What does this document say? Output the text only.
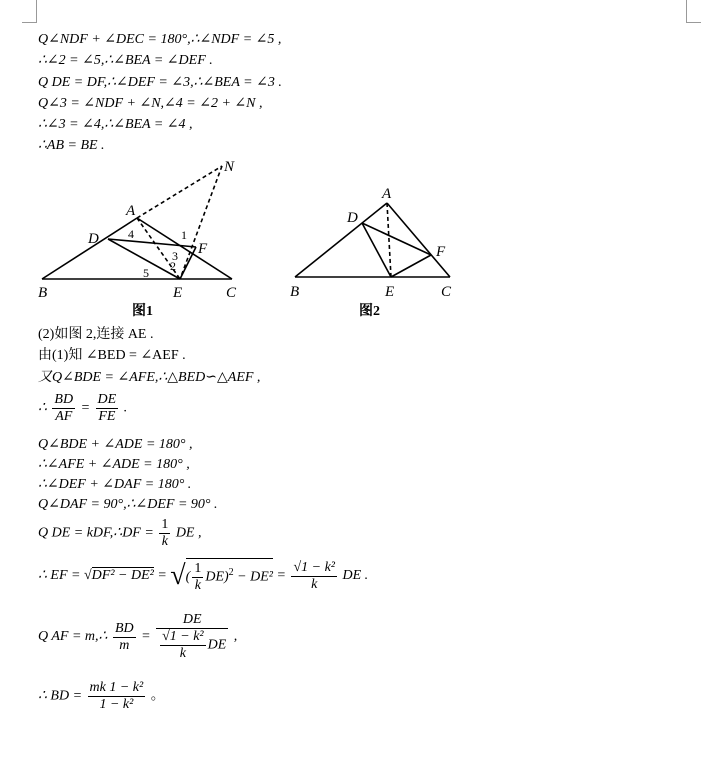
Q∠NDF + ∠DEC = 180°,∴∠NDF = ∠5 ,
∴∠2 = ∠5,∴∠BEA = ∠DEF .
Q DE = DF,∴∠DEF = ∠3,∴∠BEA = ∠3 .
Q∠3 = ∠NDF + ∠N,∠4 = ∠2 + ∠N ,
∴∠3 = ∠4,∴∠BEA = ∠4 ,
∴AB = BE .
A
D
B	E	C
F
N
1
2
3
4
5
图1
A
D
B	E	C
F
图2
(2)如图 2,连接 AE .
由(1)知 ∠BED = ∠AEF .
又Q∠BDE = ∠AFE,∴△BED∽△AEF ,
∴ $\frac{BD}{AF} = \frac{DE}{FE}$ .
Q∠BDE + ∠ADE = 180° ,
∴∠AFE + ∠ADE = 180° ,
∴∠DEF + ∠DAF = 180° .
Q∠DAF = 90°,∴∠DEF = 90° .
Q DE = kDF,∴DF = $\frac{1}{k}$ DE ,
∴ EF = √DF² − DE² = √( $\frac{1}{k} DE)^2 - DE^2 = \frac{\text{√1 − k²}}{k}$ DE .
Q AF = m,∴ $\frac{BD}{m} = \frac{DE}{\frac{\text{√1 − k²}}{k} DE}$ ,
∴ BD = $\frac{\text{mk 1 − k²}}{\text{1 − k²}}$ 。
